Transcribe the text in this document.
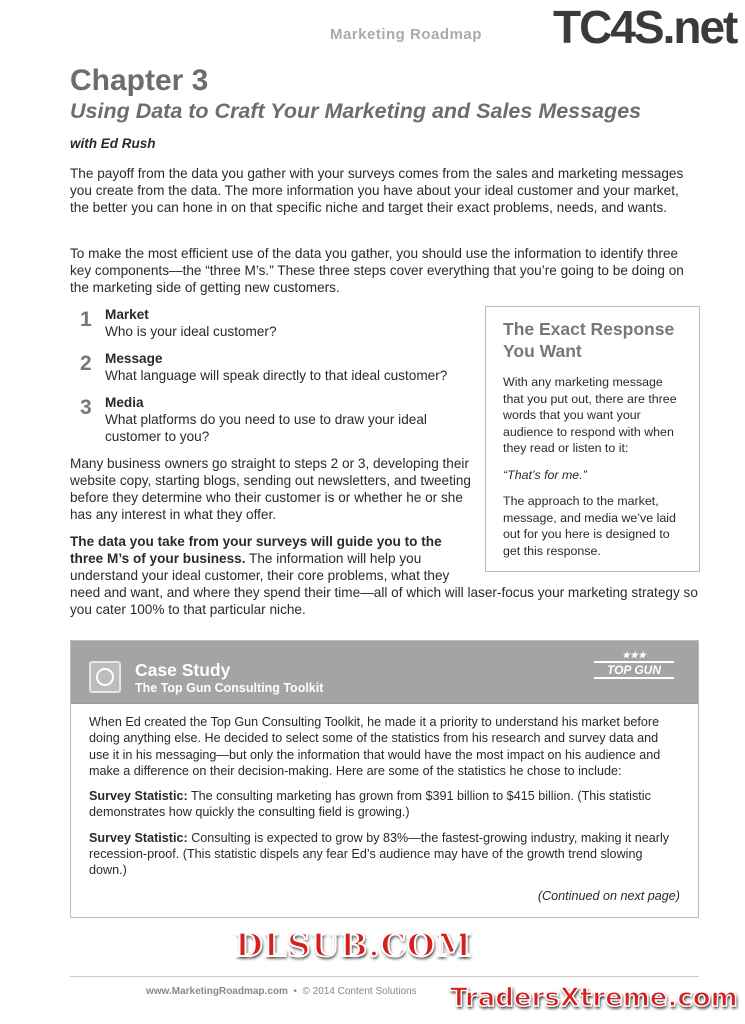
Marketing Roadmap TC4S.net
Chapter 3
Using Data to Craft Your Marketing and Sales Messages
with Ed Rush

The payoff from the data you gather with your surveys comes from the sales and marketing messages you create from the data. The more information you have about your ideal customer and your market, the better you can hone in on that specific niche and target their exact problems, needs, and wants.

To make the most efficient use of the data you gather, you should use the information to identify three key components—the “three M’s.” These three steps cover everything that you’re going to be doing on the marketing side of getting new customers.

The Exact Response You Want

With any marketing message that you put out, there are three words that you want your audience to respond with when they read or listen to it:

“That’s for me.”

The approach to the market, message, and media we’ve laid out for you here is designed to get this response.

1 Market
Who is your ideal customer?
2 Message
What language will speak directly to that ideal customer?
3 Media
What platforms do you need to use to draw your ideal customer to you?

Many business owners go straight to steps 2 or 3, developing their website copy, starting blogs, sending out newsletters, and tweeting before they determine who their customer is or whether he or she has any interest in what they offer.

The data you take from your surveys will guide you to the three M’s of your business. The information will help you understand your ideal customer, their core problems, what they need and want, and where they spend their time—all of which will laser-focus your marketing strategy so you cater 100% to that particular niche.

Case Study
The Top Gun Consulting Toolkit
★★★
TOP GUN

When Ed created the Top Gun Consulting Toolkit, he made it a priority to understand his market before doing anything else. He decided to select some of the statistics from his research and survey data and use it in his messaging—but only the information that would have the most impact on his audience and make a difference on their decision-making. Here are some of the statistics he chose to include:

Survey Statistic: The consulting marketing has grown from $391 billion to $415 billion. (This statistic demonstrates how quickly the consulting field is growing.)

Survey Statistic: Consulting is expected to grow by 83%—the fastest-growing industry, making it nearly recession-proof. (This statistic dispels any fear Ed’s audience may have of the growth trend slowing down.)

(Continued on next page)

DLSUB.COM
www.MarketingRoadmap.com  •  © 2014 Content Solutions TradersXtreme.com
